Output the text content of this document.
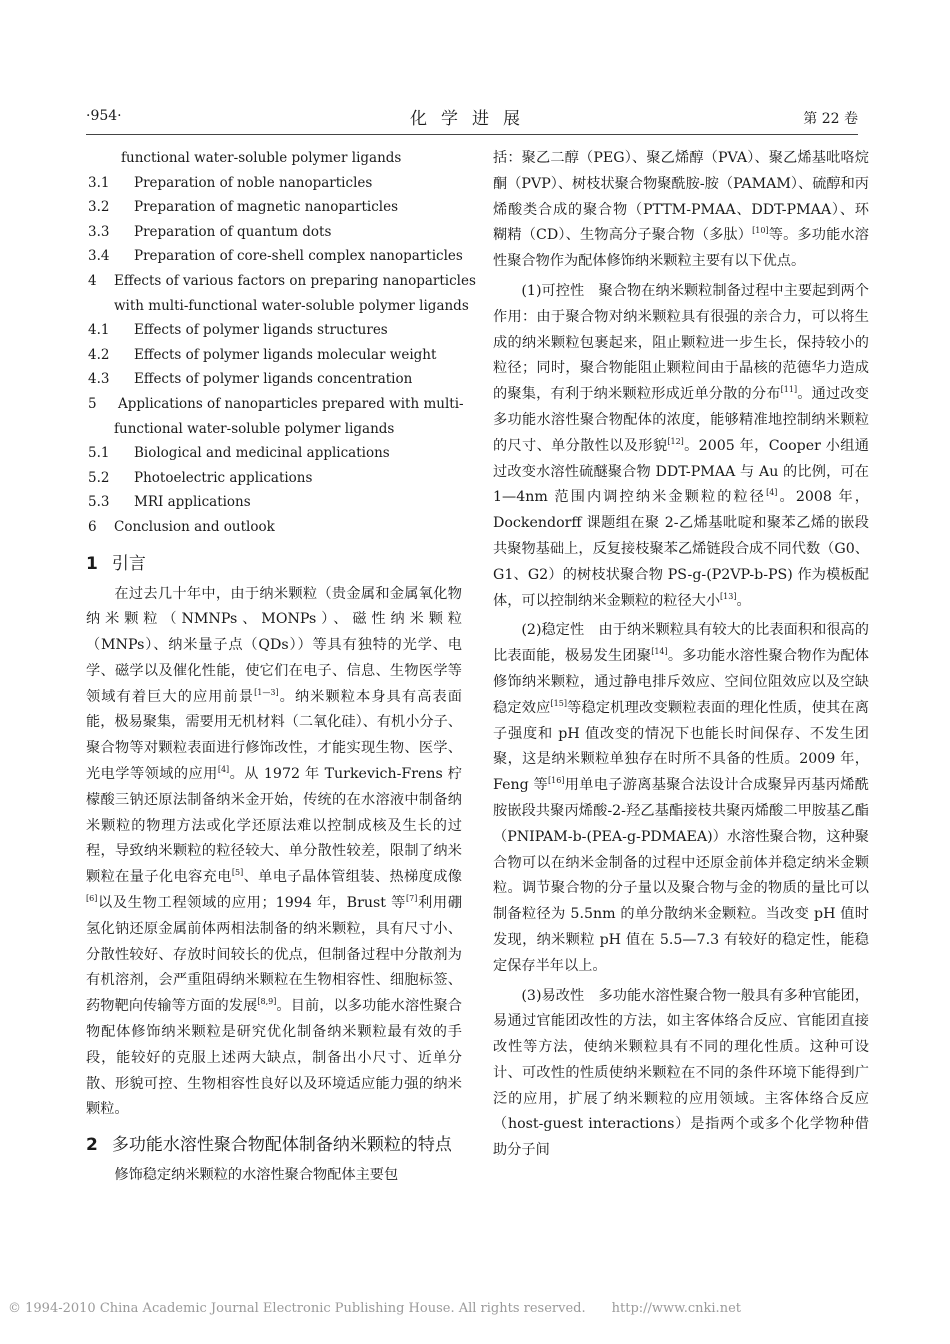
·954·	化学进展	第 22 卷
functional water-soluble polymer ligands
3.1 Preparation of noble nanoparticles
3.2 Preparation of magnetic nanoparticles
3.3 Preparation of quantum dots
3.4 Preparation of core-shell complex nanoparticles
4 Effects of various factors on preparing nanoparticles
with multi-functional water-soluble polymer ligands
4.1 Effects of polymer ligands structures
4.2 Effects of polymer ligands molecular weight
4.3 Effects of polymer ligands concentration
5 Applications of nanoparticles prepared with multi-
functional water-soluble polymer ligands
5.1 Biological and medicinal applications
5.2 Photoelectric applications
5.3 MRI applications
6 Conclusion and outlook
1 引言

在过去几十年中，由于纳米颗粒（贵金属和金属氧化物纳米颗粒（NMNPs、MONPs）、磁性纳米颗粒（MNPs）、纳米量子点（QDs））等具有独特的光学、电学、磁学以及催化性能，使它们在电子、信息、生物医学等领域有着巨大的应用前景[1—3]。纳米颗粒本身具有高表面能，极易聚集，需要用无机材料（二氧化硅）、有机小分子、聚合物等对颗粒表面进行修饰改性，才能实现生物、医学、光电学等领域的应用[4]。从 1972 年 Turkevich-Frens 柠檬酸三钠还原法制备纳米金开始，传统的在水溶液中制备纳米颗粒的物理方法或化学还原法难以控制成核及生长的过程，导致纳米颗粒的粒径较大、单分散性较差，限制了纳米颗粒在量子化电容充电[5]、单电子晶体管组装、热梯度成像[6]以及生物工程领域的应用；1994 年，Brust 等[7]利用硼氢化钠还原金属前体两相法制备的纳米颗粒，具有尺寸小、分散性较好、存放时间较长的优点，但制备过程中分散剂为有机溶剂，会严重阻碍纳米颗粒在生物相容性、细胞标签、药物靶向传输等方面的发展[8,9]。目前，以多功能水溶性聚合物配体修饰纳米颗粒是研究优化制备纳米颗粒最有效的手段，能较好的克服上述两大缺点，制备出小尺寸、近单分散、形貌可控、生物相容性良好以及环境适应能力强的纳米颗粒。

2 多功能水溶性聚合物配体制备纳米颗粒的特点

修饰稳定纳米颗粒的水溶性聚合物配体主要包

括：聚乙二醇（PEG）、聚乙烯醇（PVA）、聚乙烯基吡咯烷酮（PVP）、树枝状聚合物聚酰胺-胺（PAMAM）、硫醇和丙烯酸类合成的聚合物（PTTM-PMAA、DDT-PMAA）、环糊精（CD）、生物高分子聚合物（多肽）[10]等。多功能水溶性聚合物作为配体修饰纳米颗粒主要有以下优点。

(1)可控性　聚合物在纳米颗粒制备过程中主要起到两个作用：由于聚合物对纳米颗粒具有很强的亲合力，可以将生成的纳米颗粒包裹起来，阻止颗粒进一步生长，保持较小的粒径；同时，聚合物能阻止颗粒间由于晶核的范德华力造成的聚集，有利于纳米颗粒形成近单分散的分布[11]。通过改变多功能水溶性聚合物配体的浓度，能够精准地控制纳米颗粒的尺寸、单分散性以及形貌[12]。2005 年，Cooper 小组通过改变水溶性硫醚聚合物 DDT-PMAA 与 Au 的比例，可在 1—4nm 范围内调控纳米金颗粒的粒径[4]。2008 年，Dockendorff 课题组在聚 2-乙烯基吡啶和聚苯乙烯的嵌段共聚物基础上，反复接枝聚苯乙烯链段合成不同代数（G0、G1、G2）的树枝状聚合物 PS-g-(P2VP-b-PS) 作为模板配体，可以控制纳米金颗粒的粒径大小[13]。

(2)稳定性　由于纳米颗粒具有较大的比表面积和很高的比表面能，极易发生团聚[14]。多功能水溶性聚合物作为配体修饰纳米颗粒，通过静电排斥效应、空间位阻效应以及空缺稳定效应[15]等稳定机理改变颗粒表面的理化性质，使其在离子强度和 pH 值改变的情况下也能长时间保存、不发生团聚，这是纳米颗粒单独存在时所不具备的性质。2009 年，Feng 等[16]用单电子游离基聚合法设计合成聚异丙基丙烯酰胺嵌段共聚丙烯酸-2-羟乙基酯接枝共聚丙烯酸二甲胺基乙酯（PNIPAM-b-(PEA-g-PDMAEA)）水溶性聚合物，这种聚合物可以在纳米金制备的过程中还原金前体并稳定纳米金颗粒。调节聚合物的分子量以及聚合物与金的物质的量比可以制备粒径为 5.5nm 的单分散纳米金颗粒。当改变 pH 值时发现，纳米颗粒 pH 值在 5.5—7.3 有较好的稳定性，能稳定保存半年以上。

(3)易改性　多功能水溶性聚合物一般具有多种官能团，易通过官能团改性的方法，如主客体络合反应、官能团直接改性等方法，使纳米颗粒具有不同的理化性质。这种可设计、可改性的性质使纳米颗粒在不同的条件环境下能得到广泛的应用，扩展了纳米颗粒的应用领域。主客体络合反应（host-guest interactions）是指两个或多个化学物种借助分子间

© 1994-2010 China Academic Journal Electronic Publishing House. All rights reserved.　　http://www.cnki.net
